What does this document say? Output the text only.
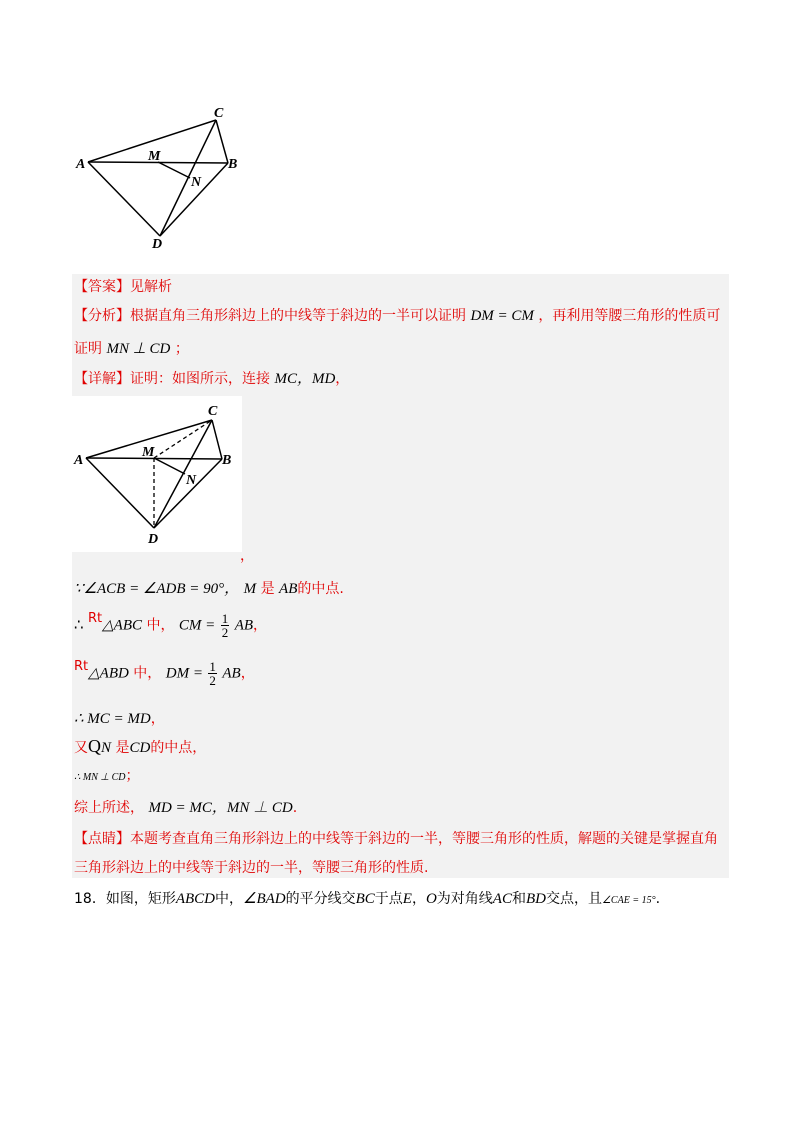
C
A
M
B
N
D
【答案】见解析
【分析】根据直角三角形斜边上的中线等于斜边的一半可以证明 DM = CM ，再利用等腰三角形的性质可
证明 MN ⊥ CD ；
【详解】证明：如图所示，连接 MC，MD，
C
A
M
B
N
D
，
∵∠ACB = ∠ADB = 90°， M 是 AB的中点.
∴ Rt△ABC 中， CM = $\frac{1}{2}$ AB，
Rt△ABD 中， DM = $\frac{1}{2}$ AB，
∴ MC = MD，
又QN 是CD的中点，
∴ MN ⊥ CD；
综上所述， MD = MC，MN ⊥ CD.
【点睛】本题考查直角三角形斜边上的中线等于斜边的一半，等腰三角形的性质，解题的关键是掌握直角
三角形斜边上的中线等于斜边的一半，等腰三角形的性质.
18．如图，矩形ABCD中，∠BAD的平分线交BC于点E，O为对角线AC和BD交点，且∠CAE = 15°.
